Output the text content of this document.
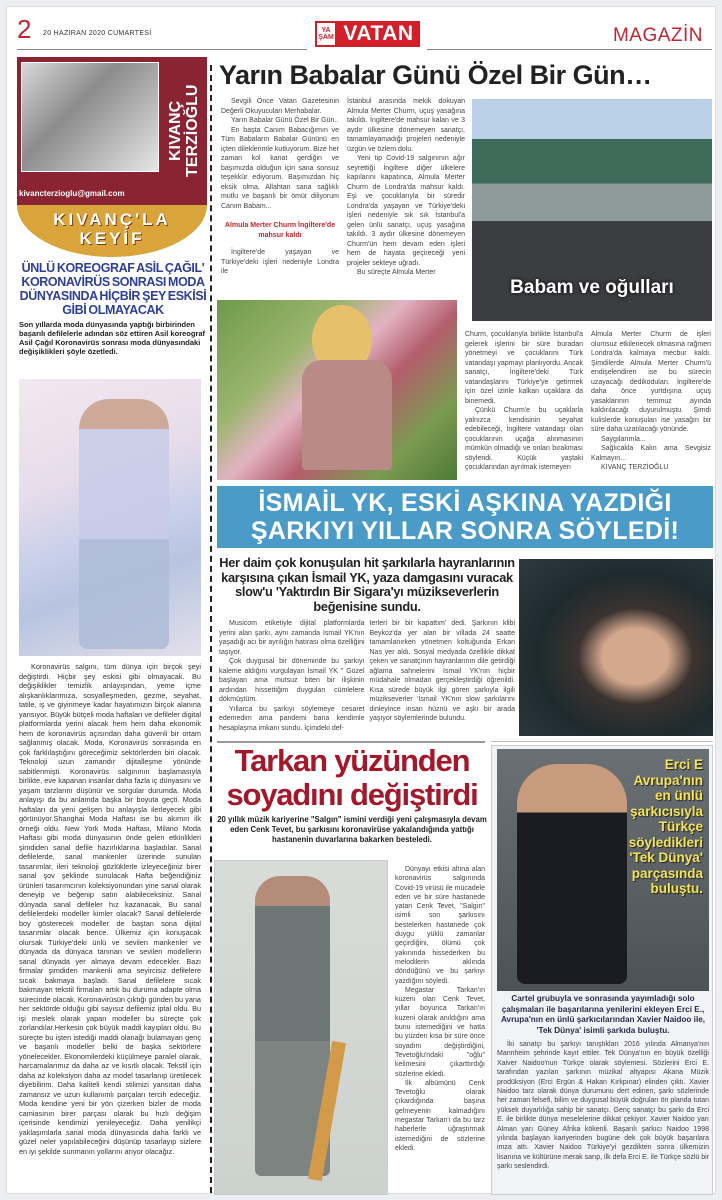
2 20 HAZİRAN 2020 CUMARTESİ	YA ŞAM VATAN	MAGAZİN
KIVANÇ TERZİOĞLU
kivancterzioglu@gmail.com
KIVANÇ'LA
KEYİF
ÜNLÜ KOREOGRAF ASİL ÇAĞIL' KORONAVİRÜS SONRASI MODA DÜNYASINDA HİÇBİR ŞEY ESKİSİ GİBİ OLMAYACAK
Son yıllarda moda dünyasında yaptığı birbirinden başarılı defilelerle adından söz ettiren Asil koreograf Asil Çağıl Koronavirüs sonrası moda dünyasındaki değişiklikleri şöyle özetledi.
Koronavirüs salgını, tüm dünya için birçok şeyi değiştirdi. Hiçbir şey eskisi gibi olmayacak. Bu değişiklikler temizlik anlayışından, yeme içme alışkanlıklarımıza, sosyalleşmeden, gezme, seyahat, tatile, iş ve giyinmeye kadar hayatımızın birçok alanına yansıyor. Büyük bütçeli moda haftaları ve defileler digital platformlarda yerini alacak hem hem daha ekonomik hem de koronavirüs açısından daha güvenli bir ortam sağlanmış olacak. Moda, Koronavirüs sonrasında en çok farklılaştığını göreceğimiz sektörlerden biri olacak. Teknoloji uzun zamandır dijitalleşme yönünde sabitlenmişti. Koronavirüs salgınının başlamasıyla birlikte, eve kapanan insanlar daha fazla iç dünyasını ve yaşam tarzlarını düşünür ve sorgular durumda. Moda anlayışı da bu anlamda başka bir boyuta geçti. Moda haftaları da yeni gelişen bu anlayışla ilerleyecek gibi görünüyor.Shanghai Moda Haftası ise bu akımın ilk örneği oldu. New York Moda Haftası, Milano Moda Haftası gibi moda dünyasının önde gelen etkinlikleri şimdiden sanal defile hazırlıklarına başladılar. Sanal defilelerde, sanal mankenler üzerinde sunulan tasarımlar, ileri teknoloji gözlüklerle izleyeceğiniz birer sanal şov şeklinde sunulacak Hafta beğendiğiniz ürünleri tasarımcının koleksiyonundan yine sanal olarak deneyip ve beğenip satın alabileceksiniz. Sanal dünyada sanal defileler hız kazanacak, Bu sanal defilelerdeki modeller kimler olacak? Sanal defilelerde boy gösterecek modeller de baştan sona dijital tasarımlar olacak bence. Ülkemiz için konuşacak olursak Türkiye'deki ünlü ve sevilen mankenler ve dünyada da dünyaca tanınan ve sevilen modellerin sanal dünyada yer almaya devam edecekler. Bazı firmalar şimdiden mankenli ama seyircisiz defilelere sıcak bakmaya başladı. Sanal defilelere sıcak bakmayan tekstil firmaları artık bu duruma adapte olma sürecinde olacak. Koronavirüsün çıktığı günden bu yana her sektörde olduğu gibi sayısız defilemiz iptal oldu. Bu işi meslek olarak yapan modeller bu süreçte çok zorlandılar.Herkesin çok büyük maddi kayıpları oldu. Bu süreçte bu işten istediği maddi olanağı bulamayan genç ve başarılı modeller belki de başka sektörlere yönelecekler. Ekonomilerdeki küçülmeye paralel olarak, harcamalarımız da daha az ve kısıtlı olacak. Tekstil için daha az koleksiyon daha az model tasarlanıp üretilecek diyebilirim. Daha kaliteli kendi stilimizi yansıtan daha zamansız ve uzun kullanımlı parçaları tercih edeceğiz. Moda kendine yeni bir yön çizerken bizler de moda camiasının birer parçası olarak bu hızlı değişim içerisinde kendimizi yenileyeceğiz. Daha yenilikçi yaklaşımlarla sanal moda dünyasında daha farklı ve güzel neler yapılabileceğini düşünüp tasarlayıp sizlere en iyi şekilde sunmanın yollarını arıyor olacağız.
Yarın Babalar Günü Özel Bir Gün…

Sevgili Önce Vatan Gazetesinin Değerli Okuyucuları Merhabalar.

Yarın Babalar Günü Özel Bir Gün..

En başta Canım Babacığımın ve Tüm Babaların Babalar Gününü en içten dileklerimle kutluyorum. Bize her zaman kol kanat gerdiğin ve başımızda olduğun için sana sonsuz teşekkür ediyorum. Başımızdan hiç eksik olma, Allahtan sana sağlıklı mutlu ve başarılı bir ömür diliyorum Canım Babam...

Almula Merter Churm İngiltere'de mahsur kaldı

İngiltere'de yaşayan ve Türkiye'deki işleri nedeniyle Londra ile

İstanbul arasında mekik dokuyan Almula Merter Churm, uçuş yasağına takıldı. İngiltere'de mahsur kalan ve 3 aydır ülkesine dönemeyen sanatçı, tamamlayamadığı projeleri nedeniyle üzgün ve özlem dolu.

Yeni tip Covid-19 salgınının ağır seyrettiği İngiltere diğer ülkelere kapılarını kapatınca, Almula Merter Churm de Londra'da mahsur kaldı. Eşi ve çocuklarıyla bir süredir Londra'da yaşayan ve Türkiye'deki işleri nedeniyle sık sık İstanbul'a gelen ünlü sanatçı, uçuş yasağına takıldı. 3 aydır ülkesine dönemeyen Churm'ün hem devam eden işleri hem de hayata geçireceği yeni projeler sekteye uğradı.

Bu süreçte Almula Merter

Babam ve oğulları

Churm, çocuklarıyla birlikte İstanbul'a gelerek işlerini bir süre buradan yönetmeyi ve çocuklarını Türk vatandaşı yapmayı planlıyordu. Ancak sanatçı, İngiltere'deki Türk vatandaşlarını Türkiye'ye getirmek için özel izinle kalkan uçaklara da binemedi.

Çünkü Churm'e bu uçaklarla yalnızca kendisinin seyahat edebileceği, İngiltere vatandaşı olan çocuklarının uçağa alınmasının mümkün olmadığı ve onları bırakması söylendi. Küçük yaştaki çocuklarından ayrılmak istemeyen

Almula Merter Churm de işleri olumsuz etkilenecek olmasına rağmen Londra'da kalmaya mecbur kaldı. Şimdilerde Almula Merter Churm'ü endişelendiren ise bu sürecin uzayacağı dedikoduları. İngiltere'de daha önce yurtdışına uçuş yasaklarının temmuz ayında kaldırılacağı duyurulmuştu. Şimdi kulislerde konuşulan ise yasağın bir süre daha uzatılacağı yönünde.

Saygılarımla...

Sağlıcakla Kalın ama Sevgisiz Kalmayın...

KIVANÇ TERZİOĞLU

İSMAİL YK, ESKİ AŞKINA YAZDIĞI ŞARKIYI YILLAR SONRA SÖYLEDİ!
Her daim çok konuşulan hit şarkılarla hayranlarının karşısına çıkan İsmail YK, yaza damgasını vuracak slow'u 'Yaktırdın Bir Sigara'yı müzikseverlerin beğenisine sundu.

Musicom etiketiyle dijital platformlarda yerini alan şarkı, aynı zamanda İsmail YK'nın yaşadığı acı bir ayrılığın hatırası olma özelliğini taşıyor.

Çok duygusal bir döneminde bu şarkıyı kaleme aldığını vurgulayan İsmail YK " Güzel başlayan ama mutsuz biten bir ilişkinin ardından hissettiğim duyguları cümlelere dökmüştüm.

Yıllarca bu şarkıyı söylemeye cesaret edemedim ama pandemi bana kendimle hesaplaşma imkanı sundu. İçimdeki def-

terleri bir bir kapattım' dedi. Şarkının klibi Beykoz'da yer alan bir villada 24 saatte tamamlanırken yönetmen koltuğunda Erkan Nas yer aldı. Sosyal medyada özellikle dikkat çeken ve sanatçının hayranlarının dile getirdiği ağlama sahnelerini İsmail YK'nın hiçbir müdahale olmadan gerçekleştirdiği öğrenildi. Kısa sürede büyük ilgi gören şarkıyla ilgili müzikseverler 'İsmail YK'nın slow şarkılarını dinleyince insan hüznü ve aşkı bir arada yaşıyor söylemlerinde bulundu.

Tarkan yüzünden
soyadını değiştirdi
20 yıllık müzik kariyerine "Salgın" ismini verdiği yeni çalışmasıyla devam eden Cenk Tevet, bu şarkısını koronavirüse yakalandığında yattığı hastanenin duvarlarına bakarken besteledi.

Dünyayı etkisi altına alan koronavirüs salgınında Covid-19 virüsü ile mücadele eden ve bir süre hastanede yatan Cenk Tevet, "Salgın" isimli son şarkısını bestelerken hastanede çok duygu yüklü zamanlar geçirdiğini, ölümü çok yakınında hissederken bu melodilerin aklında döndüğünü ve bu şarkıyı yazdığını söyledi.

Megastar Tarkan'ın kuzeni olan Cenk Tevet, yıllar boyunca Tarkan'ın kuzeni olarak anıldığını ama bunu istemediğini ve hatta bu yüzden kısa bir süre önce soyadını değiştirdiğini, Tevetoğlu'ndaki "oğlu" kelimesini çıkarttırdığı sözlerine ekledi.

İlk albümünü Cenk Tevetoğlu olarak çıkardığında başına gelmeyenin kalmadığını megastar Tarkan'ı da bu tarz haberlerle uğraştırmak istemediğini de sözlerine ekledi.

Erci E
Avrupa'nın
en ünlü
şarkıcısıyla
Türkçe
söyledikleri
'Tek Dünya'
parçasında
buluştu.
Cartel grubuyla ve sonrasında yayımladığı solo çalışmaları ile başarılarına yenilerini ekleyen Erci E., Avrupa'nın en ünlü şarkıcılarından Xavier Naidoo ile, 'Tek Dünya' isimli şarkıda buluştu.
İki sanatçı bu şarkıyı tanıştıkları 2016 yılında Almanya'nın Mannheim şehrinde kayıt ettiler. Tek Dünya'nın en büyük özelliği Xaiver Naidoo'nun Türkçe olarak söylemesi. Sözlerini Erci E. tarafından yazılan şarkının müzikal altyapısı Akana Müzik prodüksiyon (Erci Ergün & Hakan Kırkpınar) elinden çıktı. Xavier Naidoo tarz olarak dünya durumunu dert edinen, şarkı sözlerinde her zaman felsefi, bilim ve duygusal büyük doğruları ön planda tutan yüksek duyarlılığa sahip bir sanatçı. Genç sanatçı bu şarkı da Erci E. ile birlikte dünya meselelerine dikkat çekiyor. Xavier Naidoo yarı Alman yarı Güney Afrika kökenli. Başarılı şarkıcı Naidoo 1998 yılında başlayan kariyerinden bugüne dek çok büyük başarılara imza attı. Xavier Naidoo Türkiye'yi gezdikten sonra ülkemizin lisanına ve kültürüne merak sarıp, ilk defa Erci E. ile Türkçe sözlü bir şarkı seslendirdi.
